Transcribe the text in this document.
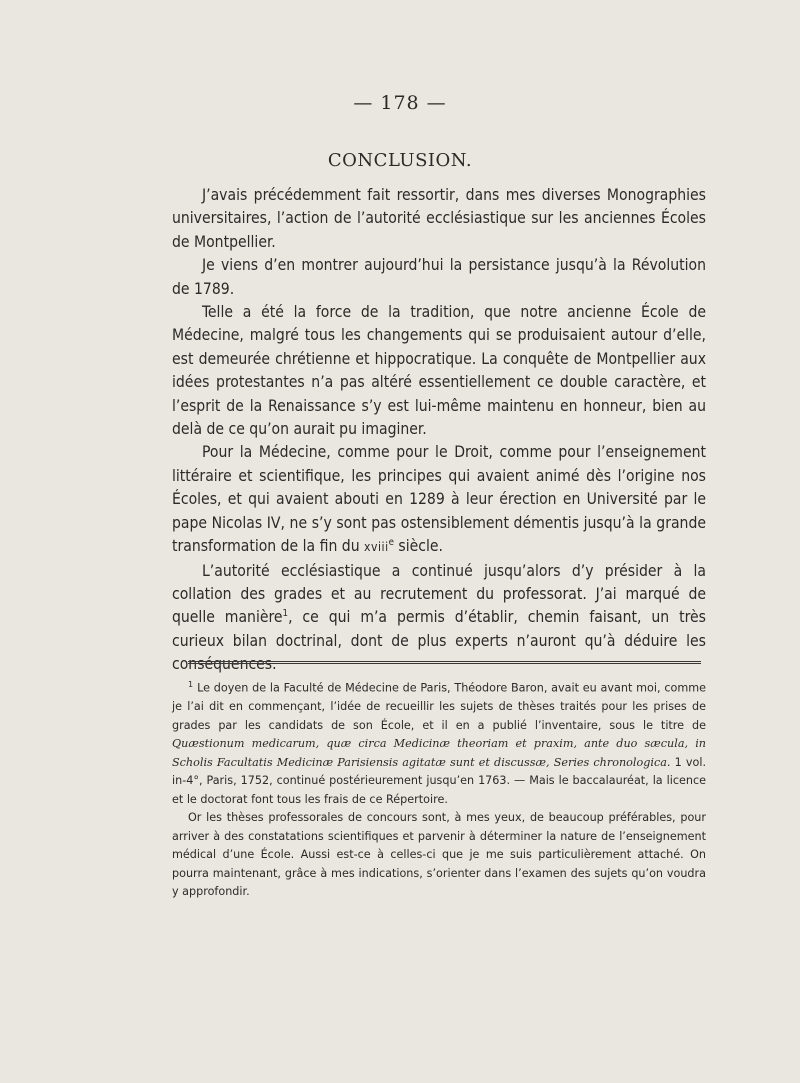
— 178 —
CONCLUSION.

J’avais précédemment fait ressortir, dans mes diverses Monographies universitaires, l’action de l’autorité ecclésiastique sur les anciennes Écoles de Montpellier.

Je viens d’en montrer aujourd’hui la persistance jusqu’à la Révolution de 1789.

Telle a été la force de la tradition, que notre ancienne École de Médecine, malgré tous les changements qui se produisaient autour d’elle, est demeurée chrétienne et hippocratique. La conquête de Montpellier aux idées protestantes n’a pas altéré essentiellement ce double caractère, et l’esprit de la Renaissance s’y est lui-même maintenu en honneur, bien au delà de ce qu’on aurait pu imaginer.

Pour la Médecine, comme pour le Droit, comme pour l’enseignement littéraire et scientifique, les principes qui avaient animé dès l’origine nos Écoles, et qui avaient abouti en 1289 à leur érection en Université par le pape Nicolas IV, ne s’y sont pas ostensiblement démentis jusqu’à la grande transformation de la fin du xviii$^e$ siècle.

L’autorité ecclésiastique a continué jusqu’alors d’y présider à la collation des grades et au recrutement du professorat. J’ai marqué de quelle manière$^1$, ce qui m’a permis d’établir, chemin faisant, un très curieux bilan doctrinal, dont de plus experts n’auront qu’à déduire les conséquences.

$^1$ Le doyen de la Faculté de Médecine de Paris, Théodore Baron, avait eu avant moi, comme je l’ai dit en commençant, l’idée de recueillir les sujets de thèses traités pour les prises de grades par les candidats de son École, et il en a publié l’inventaire, sous le titre de Quæstionum medicarum, quæ circa Medicinæ theoriam et praxim, ante duo sæcula, in Scholis Facultatis Medicinæ Parisiensis agitatæ sunt et discussæ, Series chronologica. 1 vol. in-4°, Paris, 1752, continué postérieurement jusqu’en 1763. — Mais le baccalauréat, la licence et le doctorat font tous les frais de ce Répertoire.

Or les thèses professorales de concours sont, à mes yeux, de beaucoup préférables, pour arriver à des constatations scientifiques et parvenir à déterminer la nature de l’enseignement médical d’une École. Aussi est-ce à celles-ci que je me suis particulièrement attaché. On pourra maintenant, grâce à mes indications, s’orienter dans l’examen des sujets qu’on voudra y approfondir.
